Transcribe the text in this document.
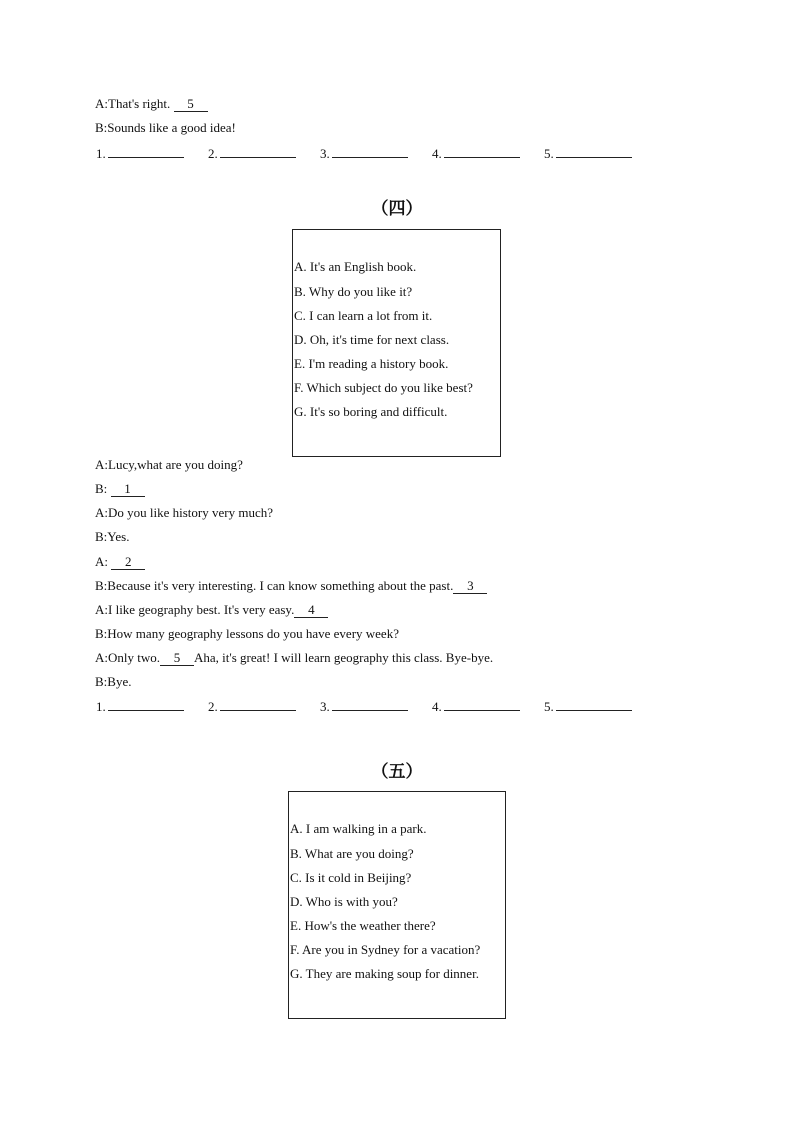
A:That's right. 5
B:Sounds like a good idea!
1.	2.	3.	4.	5.
（四）
A. It's an English book.
B. Why do you like it?
C. I can learn a lot from it.
D. Oh, it's time for next class.
E. I'm reading a history book.
F. Which subject do you like best?
G. It's so boring and difficult.
A:Lucy,what are you doing?
B: 1
A:Do you like history very much?
B:Yes.
A: 2
B:Because it's very interesting. I can know something about the past. 3
A:I like geography best. It's very easy. 4
B:How many geography lessons do you have every week?
A:Only two. 5 Aha, it's great! I will learn geography this class. Bye-bye.
B:Bye.
1.	2.	3.	4.	5.
（五）
A. I am walking in a park.
B. What are you doing?
C. Is it cold in Beijing?
D. Who is with you?
E. How's the weather there?
F. Are you in Sydney for a vacation?
G. They are making soup for dinner.
